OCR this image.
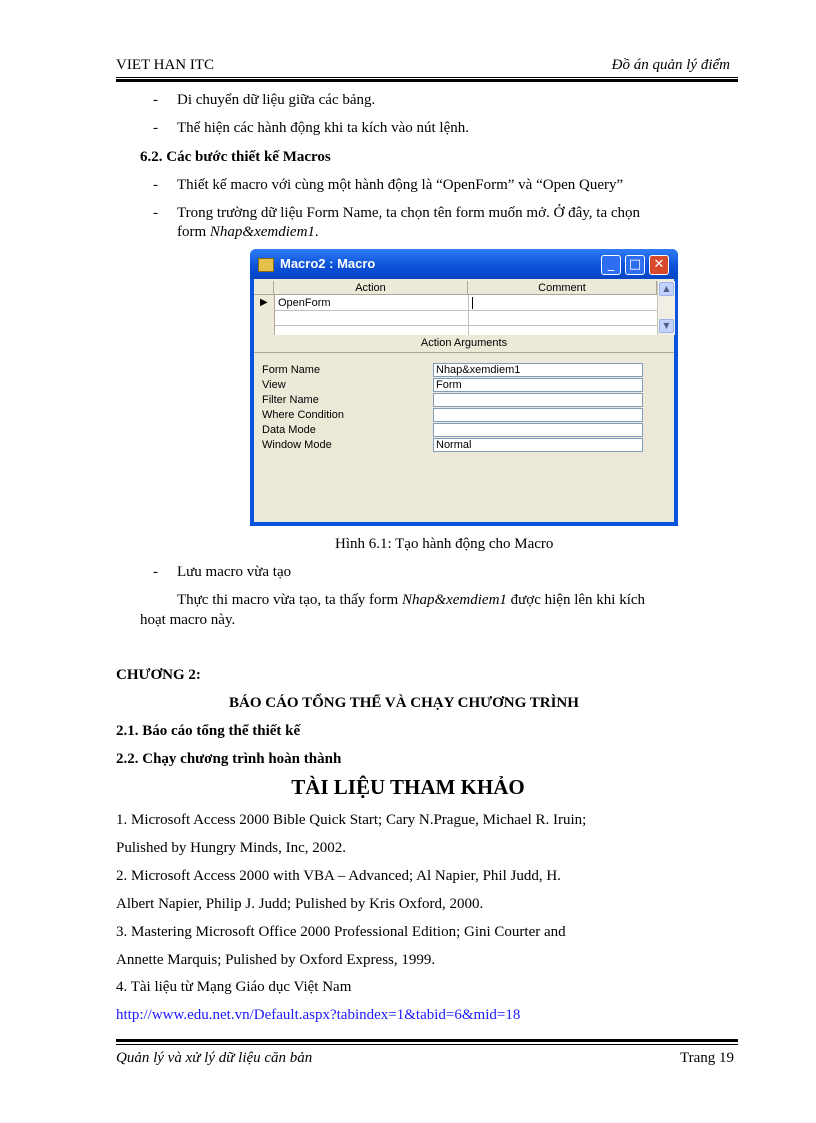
VIET HAN ITC	Đồ án quản lý điểm
- Di chuyển dữ liệu giữa các bảng.
- Thể hiện các hành động khi ta kích vào nút lệnh.
6.2. Các bước thiết kế Macros
- Thiết kế macro với cùng một hành động là “OpenForm” và “Open Query”
- Trong trường dữ liệu Form Name, ta chọn tên form muốn mở. Ở đây, ta chọn
form Nhap&xemdiem1.
Macro2 : Macro	_	□ ✕
Action	Comment
▶ OpenForm
▲
▼
Action Arguments
Form Name	Nhap&xemdiem1
View	Form
Filter Name
Where Condition
Data Mode
Window Mode	Normal
Hình 6.1: Tạo hành động cho Macro
- Lưu macro vừa tạo
Thực thi macro vừa tạo, ta thấy form Nhap&xemdiem1 được hiện lên khi kích
hoạt macro này.
CHƯƠNG 2:
BÁO CÁO TỔNG THỂ VÀ CHẠY CHƯƠNG TRÌNH
2.1. Báo cáo tổng thể thiết kế
2.2. Chạy chương trình hoàn thành
TÀI LIỆU THAM KHẢO
1. Microsoft Access 2000 Bible Quick Start; Cary N.Prague, Michael R. Iruin;
Pulished by Hungry Minds, Inc, 2002.
2. Microsoft Access 2000 with VBA – Advanced; Al Napier, Phil Judd, H.
Albert Napier, Philip J. Judd; Pulished by Kris Oxford, 2000.
3. Mastering Microsoft Office 2000 Professional Edition; Gini Courter and
Annette Marquis; Pulished by Oxford Express, 1999.
4. Tài liệu từ Mạng Giáo dục Việt Nam
http://www.edu.net.vn/Default.aspx?tabindex=1&tabid=6&mid=18
Quản lý và xử lý dữ liệu căn bản	Trang 19
